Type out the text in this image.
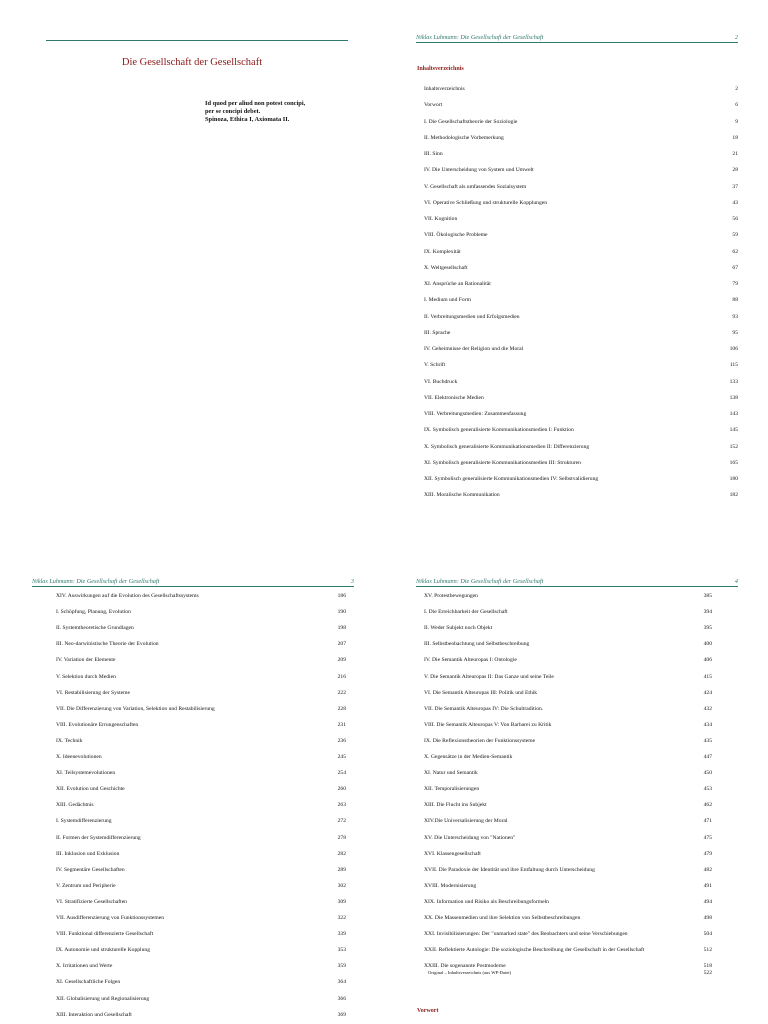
Die Gesellschaft der Gesellschaft
Id quod per aliud non potest concipi,
per se concipi debet.
Spinoza, Ethica I, Axiomata II.
Niklas Luhmann: Die Gesellschaft der Gesellschaft	2
Inhaltsverzeichnis
Inhaltsverzeichnis	2
Vorwort	6
I. Die Gesellschaftstheorie der Soziologie	9
II. Methodologische Vorbemerkung	18
III. Sinn	21
IV. Die Unterscheidung von System und Umwelt	28
V. Gesellschaft als umfassendes Sozialsystem	37
VI. Operative Schließung und strukturelle Kopplungen	43
VII. Kognition	56
VIII. Ökologische Probleme	59
IX. Komplexität	62
X. Weltgesellschaft	67
XI. Ansprüche an Rationalität	79
I. Medium und Form	88
II. Verbreitungsmedien und Erfolgsmedien	93
III. Sprache	95
IV. Geheimnisse der Religion und die Moral	106
V. Schrift	115
VI. Buchdruck	133
VII. Elektronische Medien	138
VIII. Verbreitungsmedien: Zusammenfassung	143
IX. Symbolisch generalisierte Kommunikationsmedien I: Funktion	145
X. Symbolisch generalisierte Kommunikationsmedien II: Differenzierung	152
XI. Symbolisch generalisierte Kommunikationsmedien III: Strukturen	165
XII. Symbolisch generalisierte Kommunikationsmedien IV: Selbstvalidierung	180
XIII. Moralische Kommunikation	182
Niklas Luhmann: Die Gesellschaft der Gesellschaft	3
XIV. Auswirkungen auf die Evolution des Gesellschaftssystems	186
I. Schöpfung, Planung, Evolution	190
II. Systemtheoretische Grundlagen	198
III. Neo-darwinistische Theorie der Evolution	207
IV. Variation der Elemente	209
V. Selektion durch Medien	216
VI. Restabilisierung der Systeme	222
VII. Die Differenzierung von Variation, Selektion und Restabilisierung	228
VIII. Evolutionäre Errungenschaften	231
IX. Technik	236
X. Ideenevolutionen	245
XI. Teilsystemevolutionen	254
XII. Evolution und Geschichte	260
XIII. Gedächtnis	263
I. Systemdifferenzierung	272
II. Formen der Systemdifferenzierung	278
III. Inklusion und Exklusion	282
IV. Segmentäre Gesellschaften	289
V. Zentrum und Peripherie	302
VI. Stratifizierte Gesellschaften	309
VII. Ausdifferenzierung von Funktionssystemen	322
VIII. Funktional differenzierte Gesellschaft	339
IX. Autonomie und strukturelle Kopplung	353
X. Irritationen und Werte	359
XI. Gesellschaftliche Folgen	364
XII. Globalisierung und Regionalisierung	366
XIII. Interaktion und Gesellschaft	369
Niklas Luhmann: Die Gesellschaft der Gesellschaft	4
XV. Protestbewegungen	385
I. Die Erreichbarkeit der Gesellschaft	394
II. Weder Subjekt noch Objekt	395
III. Selbstbeobachtung und Selbstbeschreibung	400
IV. Die Semantik Alteuropas I: Ontologie	406
V. Die Semantik Alteuropas II: Das Ganze und seine Teile	415
VI. Die Semantik Alteuropas III: Politik und Ethik	424
VII. Die Semantik Alteuropas IV: Die Schultradition.	432
VIII. Die Semantik Alteuropas V: Von Barbarei zu Kritik	434
IX. Die Reflexionstheorien der Funktionssysteme	435
X. Gegensätze in der Medien-Semantik	447
XI. Natur und Semantik	450
XII. Temporalisierungen	453
XIII. Die Flucht ins Subjekt	462
XIV.Die Universalisierung der Moral	471
XV. Die Unterscheidung von "Nationen"	475
XVI. Klassengesellschaft	479
XVII. Die Paradoxie der Identität und ihre Entfaltung durch Unterscheidung	482
XVIII. Modernisierung	491
XIX. Information und Risiko als Beschreibungsformeln	494
XX. Die Massenmedien und ihre Selektion von Selbstbeschreibungen	498
XXI. Invisibilisierungen: Der "unmarked state" des Beobachters und seine Verschiebungen	504
XXII. Reflektierte Autologie: Die soziologische Beschreibung der Gesellschaft in der Gesellschaft	512
XXIII. Die sogenannte Postmoderne	518
Original – Inhaltsverzeichnis (aus WP-Datei)	522
Vorwort
